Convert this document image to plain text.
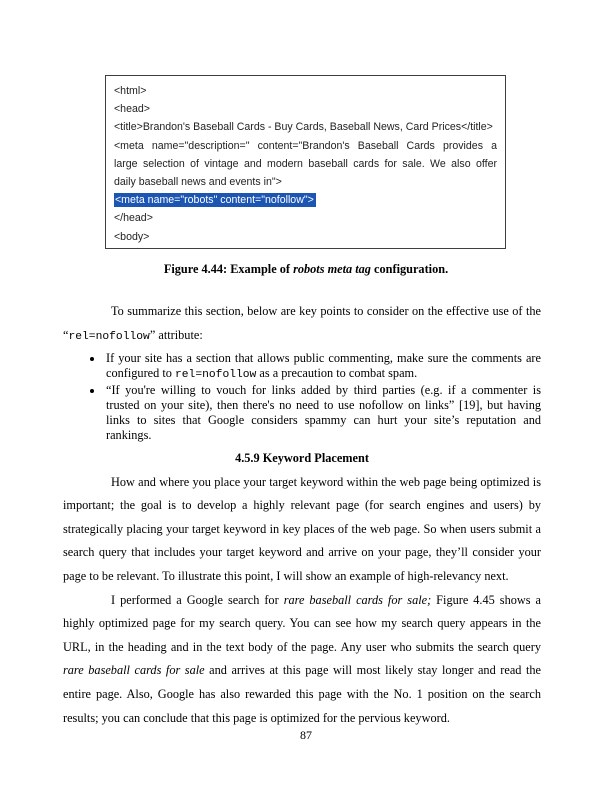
<html>
<head>
<title>Brandon's Baseball Cards - Buy Cards, Baseball News, Card Prices</title>
<meta name="description=" content="Brandon's Baseball Cards provides a
large selection of vintage and modern baseball cards for sale. We also offer
daily baseball news and events in">
<meta name="robots" content="nofollow">
</head>
<body>

Figure 4.44: Example of robots meta tag configuration.

To summarize this section, below are key points to consider on the effective use of the “rel=nofollow” attribute:

• If your site has a section that allows public commenting, make sure the comments are configured to rel=nofollow as a precaution to combat spam.
• “If you're willing to vouch for links added by third parties (e.g. if a commenter is trusted on your site), then there's no need to use nofollow on links” [19], but having links to sites that Google considers spammy can hurt your site’s reputation and rankings.
4.5.9 Keyword Placement

How and where you place your target keyword within the web page being optimized is important; the goal is to develop a highly relevant page (for search engines and users) by strategically placing your target keyword in key places of the web page. So when users submit a search query that includes your target keyword and arrive on your page, they’ll consider your page to be relevant. To illustrate this point, I will show an example of high-relevancy next.

I performed a Google search for rare baseball cards for sale; Figure 4.45 shows a highly optimized page for my search query. You can see how my search query appears in the URL, in the heading and in the text body of the page. Any user who submits the search query rare baseball cards for sale and arrives at this page will most likely stay longer and read the entire page. Also, Google has also rewarded this page with the No. 1 position on the search results; you can conclude that this page is optimized for the pervious keyword.

87
